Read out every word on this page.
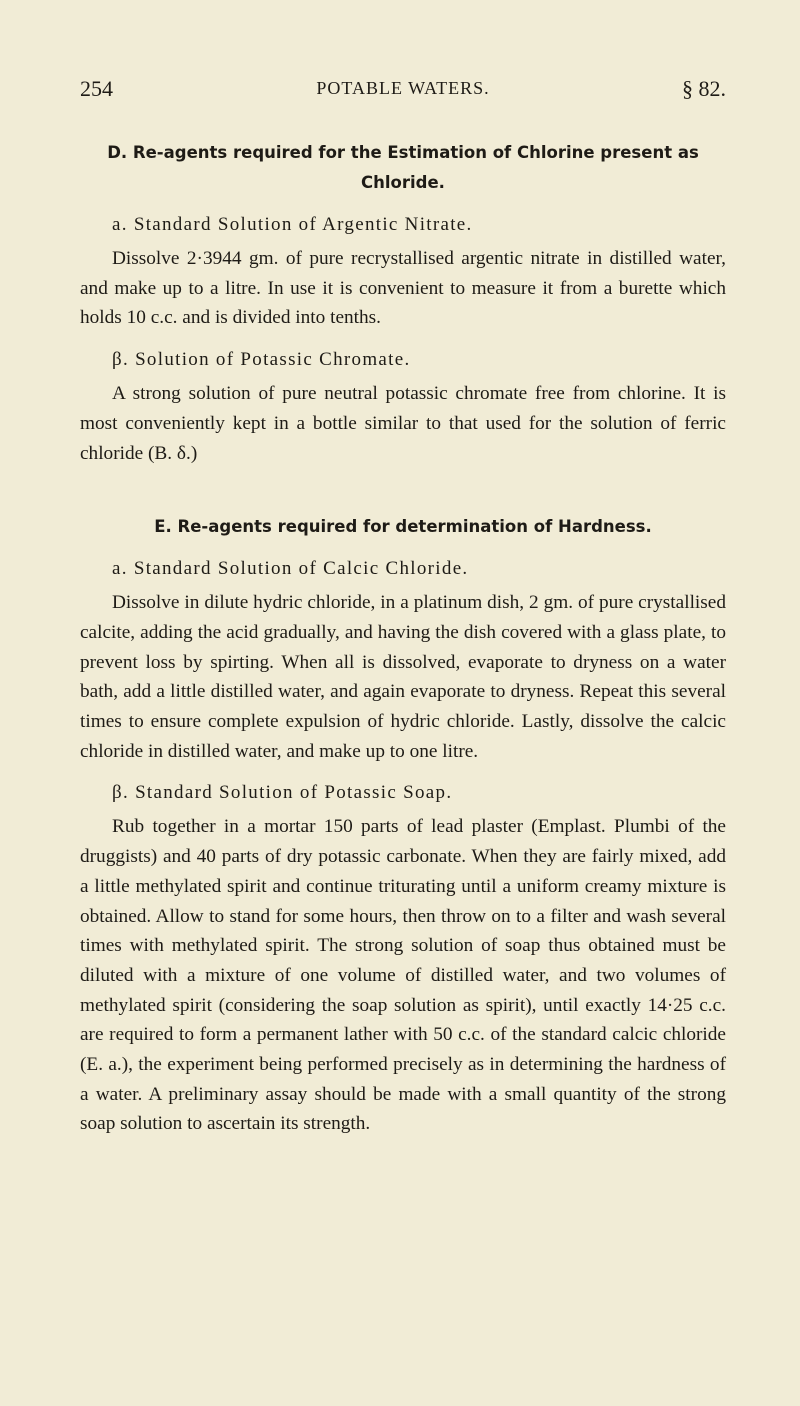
254	POTABLE WATERS.	§ 82.
D. Re-agents required for the Estimation of Chlorine present as Chloride.
a. Standard Solution of Argentic Nitrate.

Dissolve 2·3944 gm. of pure recrystallised argentic nitrate in distilled water, and make up to a litre. In use it is convenient to measure it from a burette which holds 10 c.c. and is divided into tenths.

β. Solution of Potassic Chromate.

A strong solution of pure neutral potassic chromate free from chlorine. It is most conveniently kept in a bottle similar to that used for the solution of ferric chloride (B. δ.)

E. Re-agents required for determination of Hardness.
a. Standard Solution of Calcic Chloride.

Dissolve in dilute hydric chloride, in a platinum dish, 2 gm. of pure crystallised calcite, adding the acid gradually, and having the dish covered with a glass plate, to prevent loss by spirting. When all is dissolved, evaporate to dryness on a water bath, add a little distilled water, and again evaporate to dryness. Repeat this several times to ensure complete expulsion of hydric chloride. Lastly, dissolve the calcic chloride in distilled water, and make up to one litre.

β. Standard Solution of Potassic Soap.

Rub together in a mortar 150 parts of lead plaster (Emplast. Plumbi of the druggists) and 40 parts of dry potassic carbonate. When they are fairly mixed, add a little methylated spirit and continue triturating until a uniform creamy mixture is obtained. Allow to stand for some hours, then throw on to a filter and wash several times with methylated spirit. The strong solution of soap thus obtained must be diluted with a mixture of one volume of distilled water, and two volumes of methylated spirit (considering the soap solution as spirit), until exactly 14·25 c.c. are required to form a permanent lather with 50 c.c. of the standard calcic chloride (E. a.), the experiment being performed precisely as in determining the hardness of a water. A preliminary assay should be made with a small quantity of the strong soap solution to ascertain its strength.
